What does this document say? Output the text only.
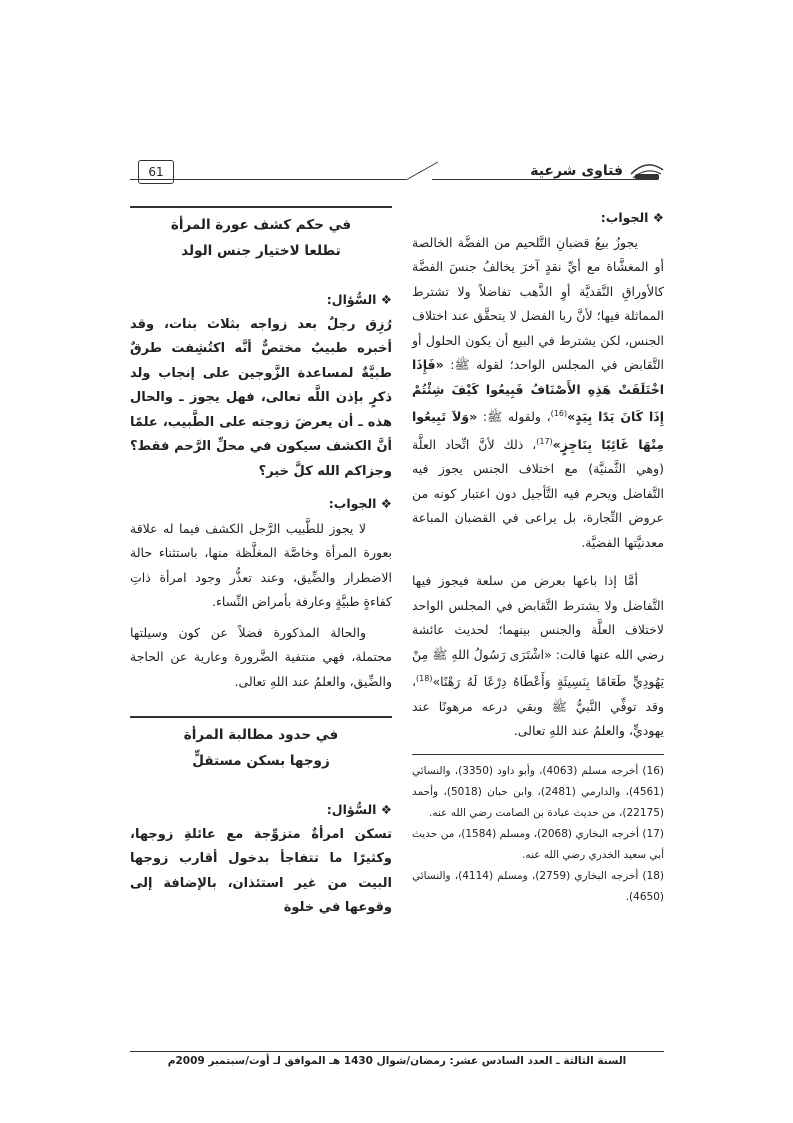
61	فتاوى شرعية

❖ الجواب:

يجوزُ بيعُ قضبانِ التَّلحيم من الفضَّة الخالصة أو المغشَّاة مع أيِّ نقدٍ آخرَ يخالفُ جنسَ الفضَّة كالأوراقِ النَّقديَّة أوِ الذَّهب تفاضلاً ولا تشترط المماثلة فيها؛ لأنَّ ربا الفضل لا يتحقَّق عند اختلاف الجنس، لكن يشترط في البيع أن يكون الحلول أو التَّقابض في المجلس الواحد؛ لقوله ﷺ: «فَإِذَا اخْتَلَفَتْ هَذِهِ الأَصْنَافُ فَبِيعُوا كَيْفَ شِئْتُمْ إِذَا كَانَ يَدًا بِيَدٍ»$^{(16)}$، ولقوله ﷺ: «وَلاَ تَبِيعُوا مِنْهَا غَائِبًا بِنَاجِزٍ»$^{(17)}$، ذلك لأنَّ اتِّحاد العلَّة (وهي الثَّمنيَّة) مع اختلاف الجنس يجوز فيه التَّفاضل ويحرم فيه التَّأجيل دون اعتبار كونه من عروض التِّجارة، بل يراعى في القضبان المباعة معدنيَّتها الفضيَّة.

أمَّا إذا باعها بعرض من سلعة فيجوز فيها التَّفاضل ولا يشترط التَّقابض في المجلس الواحد لاختلاف العلَّة والجنس بينهما؛ لحديث عائشة رضي الله عنها قالت: «اشْتَرَى رَسُولُ اللهِ ﷺ مِنْ يَهُودِيٍّ طَعَامًا بِنَسِيئَةٍ وَأَعْطَاهُ دِرْعًا لَهُ رَهْنًا»$^{(18)}$، وقد توفِّي النَّبيُّ ﷺ وبقي درعه مرهونًا عند يهوديٍّ، والعلمُ عند اللهِ تعالى.

(16) أخرجه مسلم (4063)، وأبو داود (3350)، والنسائي (4561)، والدارمي (2481)، وابن حبان (5018)، وأحمد (22175)، من حديث عبادة بن الصامت رضي الله عنه.

(17) أخرجه البخاري (2068)، ومسلم (1584)، من حديث أبي سعيد الخدري رضي الله عنه.

(18) أخرجه البخاري (2759)، ومسلم (4114)، والنسائي (4650).

في حكم كشف عورة المرأة
تطلعا لاختيار جنس الولد

❖ السُّؤال:

رُزِق رجلٌ بعد زواجه بثلاث بنات، وقد أخبره طبيبٌ مختصٌّ أنَّه اكتُشِفت طرقٌ طبيَّةٌ لمساعدة الزَّوجين على إنجاب ولد ذكرٍ بإذن اللَّه تعالى، فهل يجوز ـ والحال هذه ـ أن يعرضَ زوجته على الطَّبيب، علمًا أنَّ الكشف سيكون في محلِّ الرَّحم فقط؟ وجزاكم الله كلَّ خير؟

❖ الجواب:

لا يجوز للطَّبيب الرَّجل الكشف فيما له علاقة بعورة المرأة وخاصَّة المغلَّظة منها، باستثناء حالة الاضطرار والضِّيق، وعند تعذُّر وجود امرأة ذاتِ كفاءةٍ طبيَّةٍ وعارفة بأمراض النِّساء.

والحالة المذكورة فضلاً عن كون وسيلتها محتملة، فهي منتفية الضَّرورة وعارية عن الحاجة والضِّيق، والعلمُ عند اللهِ تعالى.

في حدود مطالبة المرأة
زوجها بسكن مستقلٍّ

❖ السُّؤال:

تسكن امرأةٌ متزوِّجة مع عائلةِ زوجها، وكثيرًا ما تتفاجأ بدخول أقارب زوجها البيت من غير استئذان، بالإضافة إلى وقوعها في خلوة

السنة الثالثة ـ العدد السادس عشر: رمضان/شوال 1430 هـ الموافق لـ أوت/سبتمبر 2009م
